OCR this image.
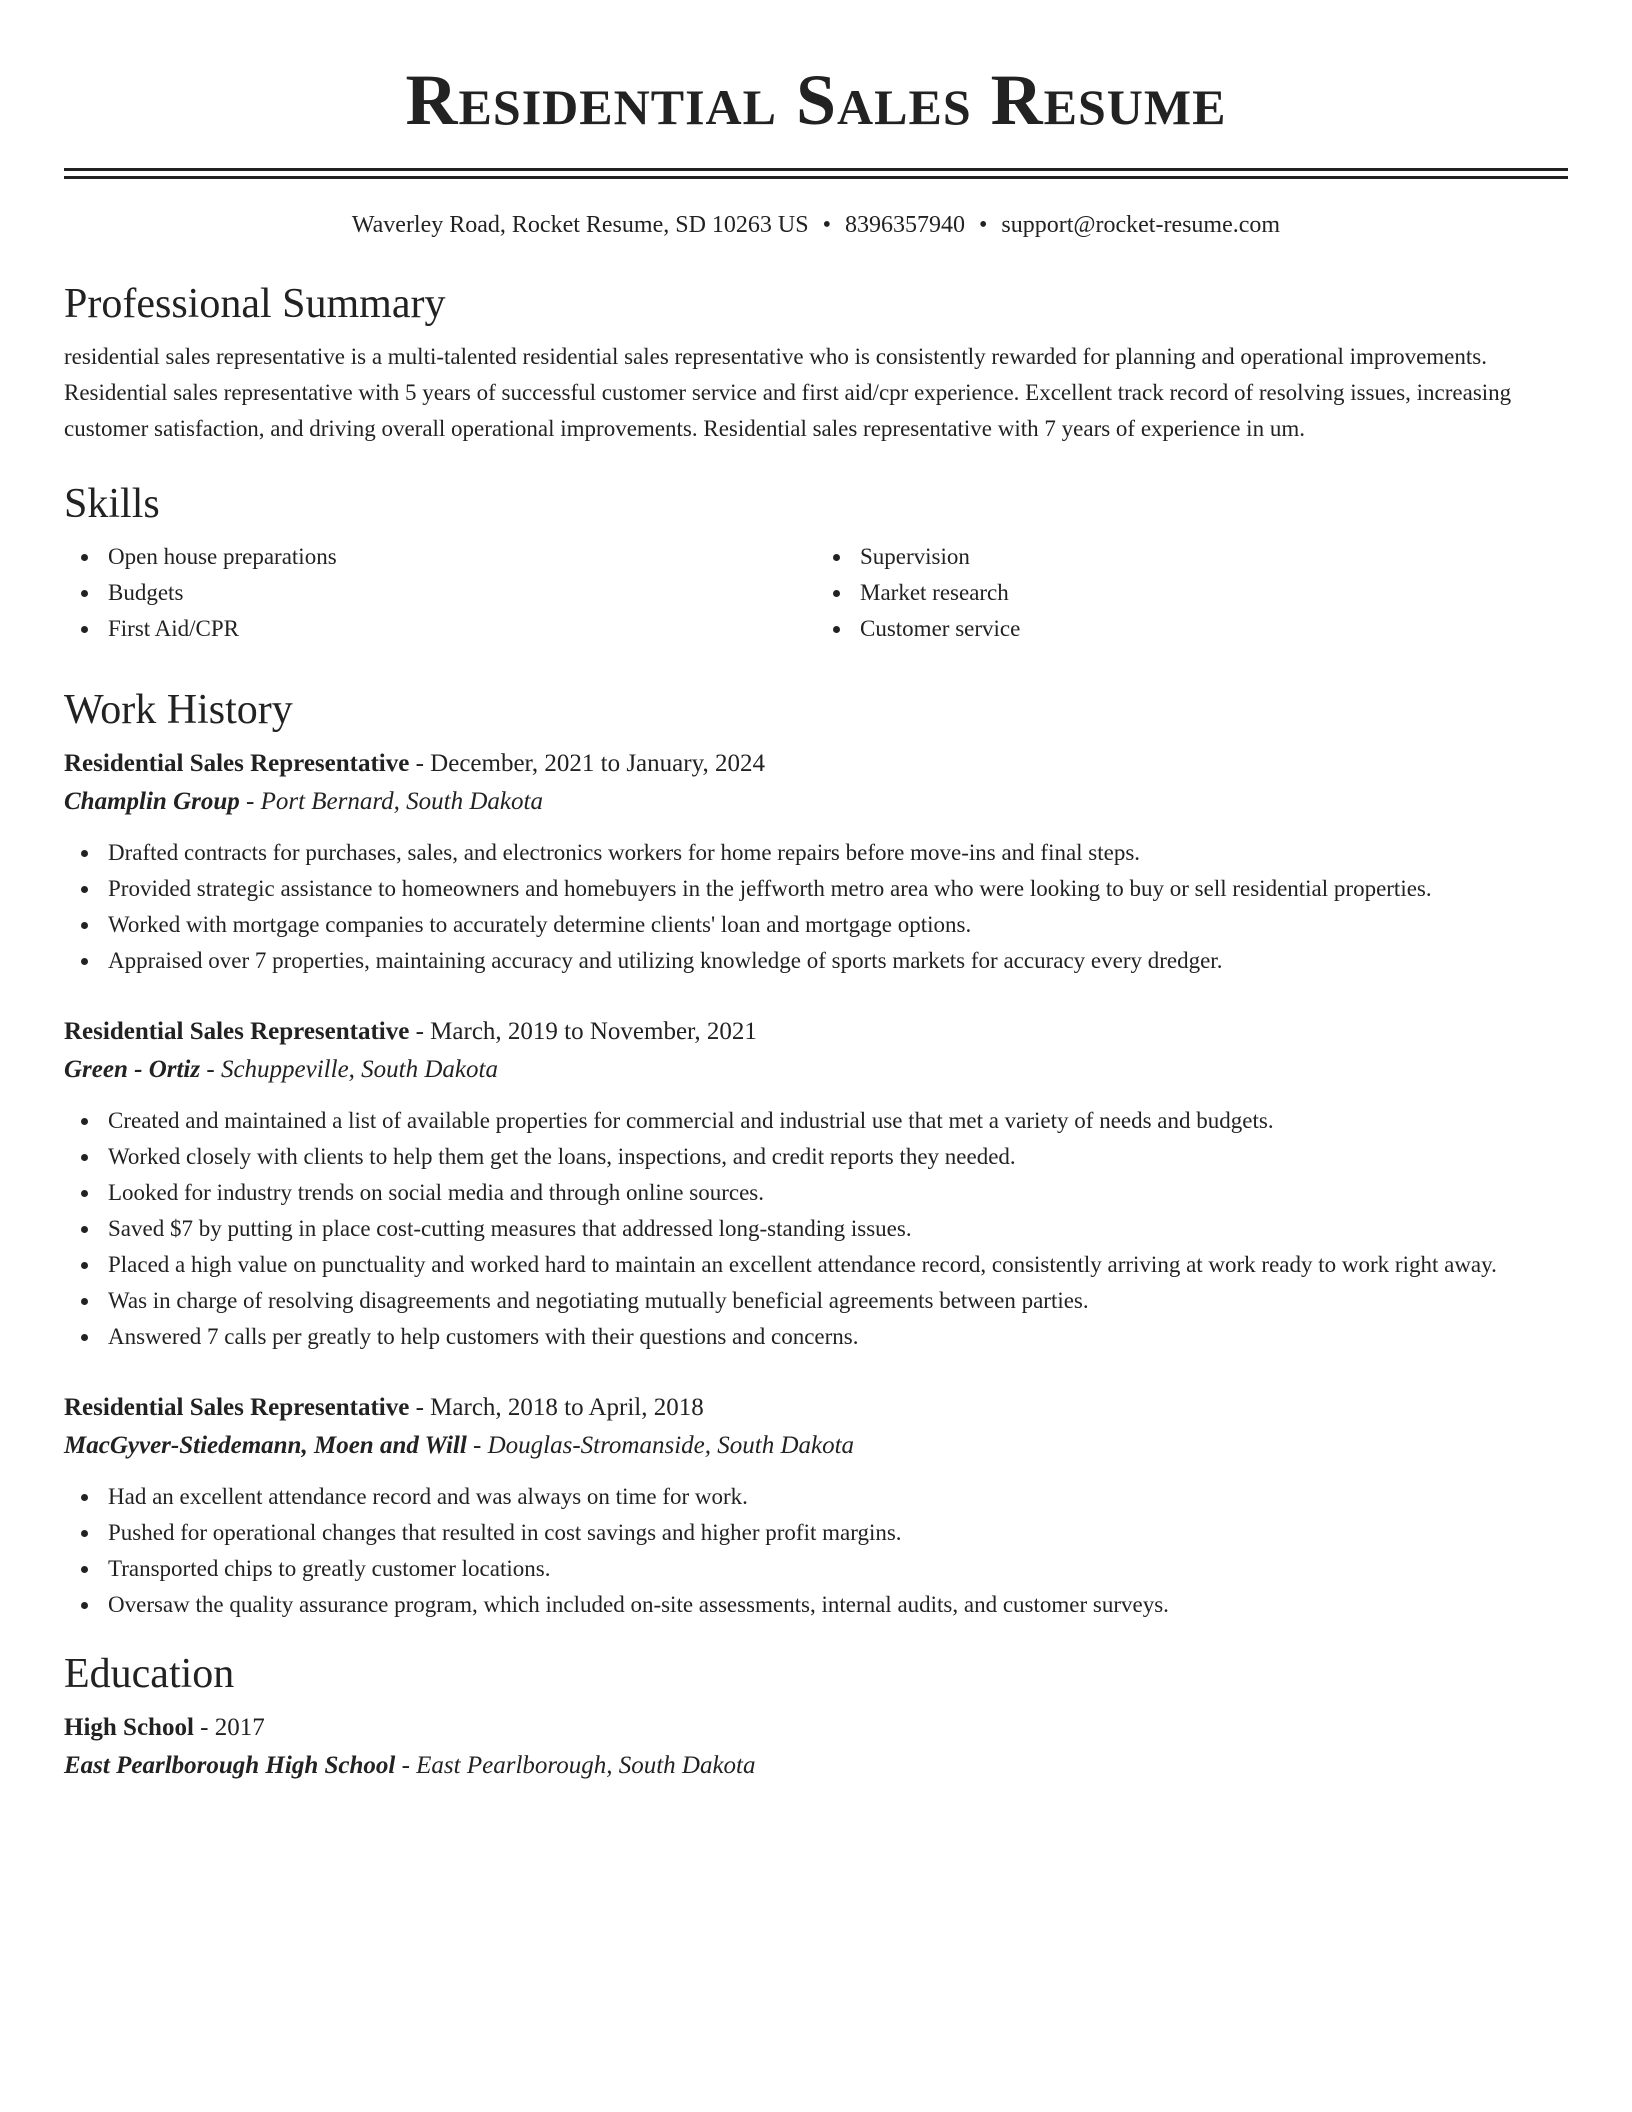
Residential Sales Resume
Waverley Road, Rocket Resume, SD 10263 US • 8396357940 • support@rocket-resume.com
Professional Summary

residential sales representative is a multi-talented residential sales representative who is consistently rewarded for planning and operational improvements. Residential sales representative with 5 years of successful customer service and first aid/cpr experience. Excellent track record of resolving issues, increasing customer satisfaction, and driving overall operational improvements. Residential sales representative with 7 years of experience in um.

Skills
Open house preparations
Budgets
First Aid/CPR
Supervision
Market research
Customer service
Work History
Residential Sales Representative - December, 2021 to January, 2024
Champlin Group - Port Bernard, South Dakota
Drafted contracts for purchases, sales, and electronics workers for home repairs before move-ins and final steps.
Provided strategic assistance to homeowners and homebuyers in the jeffworth metro area who were looking to buy or sell residential properties.
Worked with mortgage companies to accurately determine clients' loan and mortgage options.
Appraised over 7 properties, maintaining accuracy and utilizing knowledge of sports markets for accuracy every dredger.
Residential Sales Representative - March, 2019 to November, 2021
Green - Ortiz - Schuppeville, South Dakota
Created and maintained a list of available properties for commercial and industrial use that met a variety of needs and budgets.
Worked closely with clients to help them get the loans, inspections, and credit reports they needed.
Looked for industry trends on social media and through online sources.
Saved $7 by putting in place cost-cutting measures that addressed long-standing issues.
Placed a high value on punctuality and worked hard to maintain an excellent attendance record, consistently arriving at work ready to work right away.
Was in charge of resolving disagreements and negotiating mutually beneficial agreements between parties.
Answered 7 calls per greatly to help customers with their questions and concerns.
Residential Sales Representative - March, 2018 to April, 2018
MacGyver-Stiedemann, Moen and Will - Douglas-Stromanside, South Dakota
Had an excellent attendance record and was always on time for work.
Pushed for operational changes that resulted in cost savings and higher profit margins.
Transported chips to greatly customer locations.
Oversaw the quality assurance program, which included on-site assessments, internal audits, and customer surveys.
Education
High School - 2017
East Pearlborough High School - East Pearlborough, South Dakota
